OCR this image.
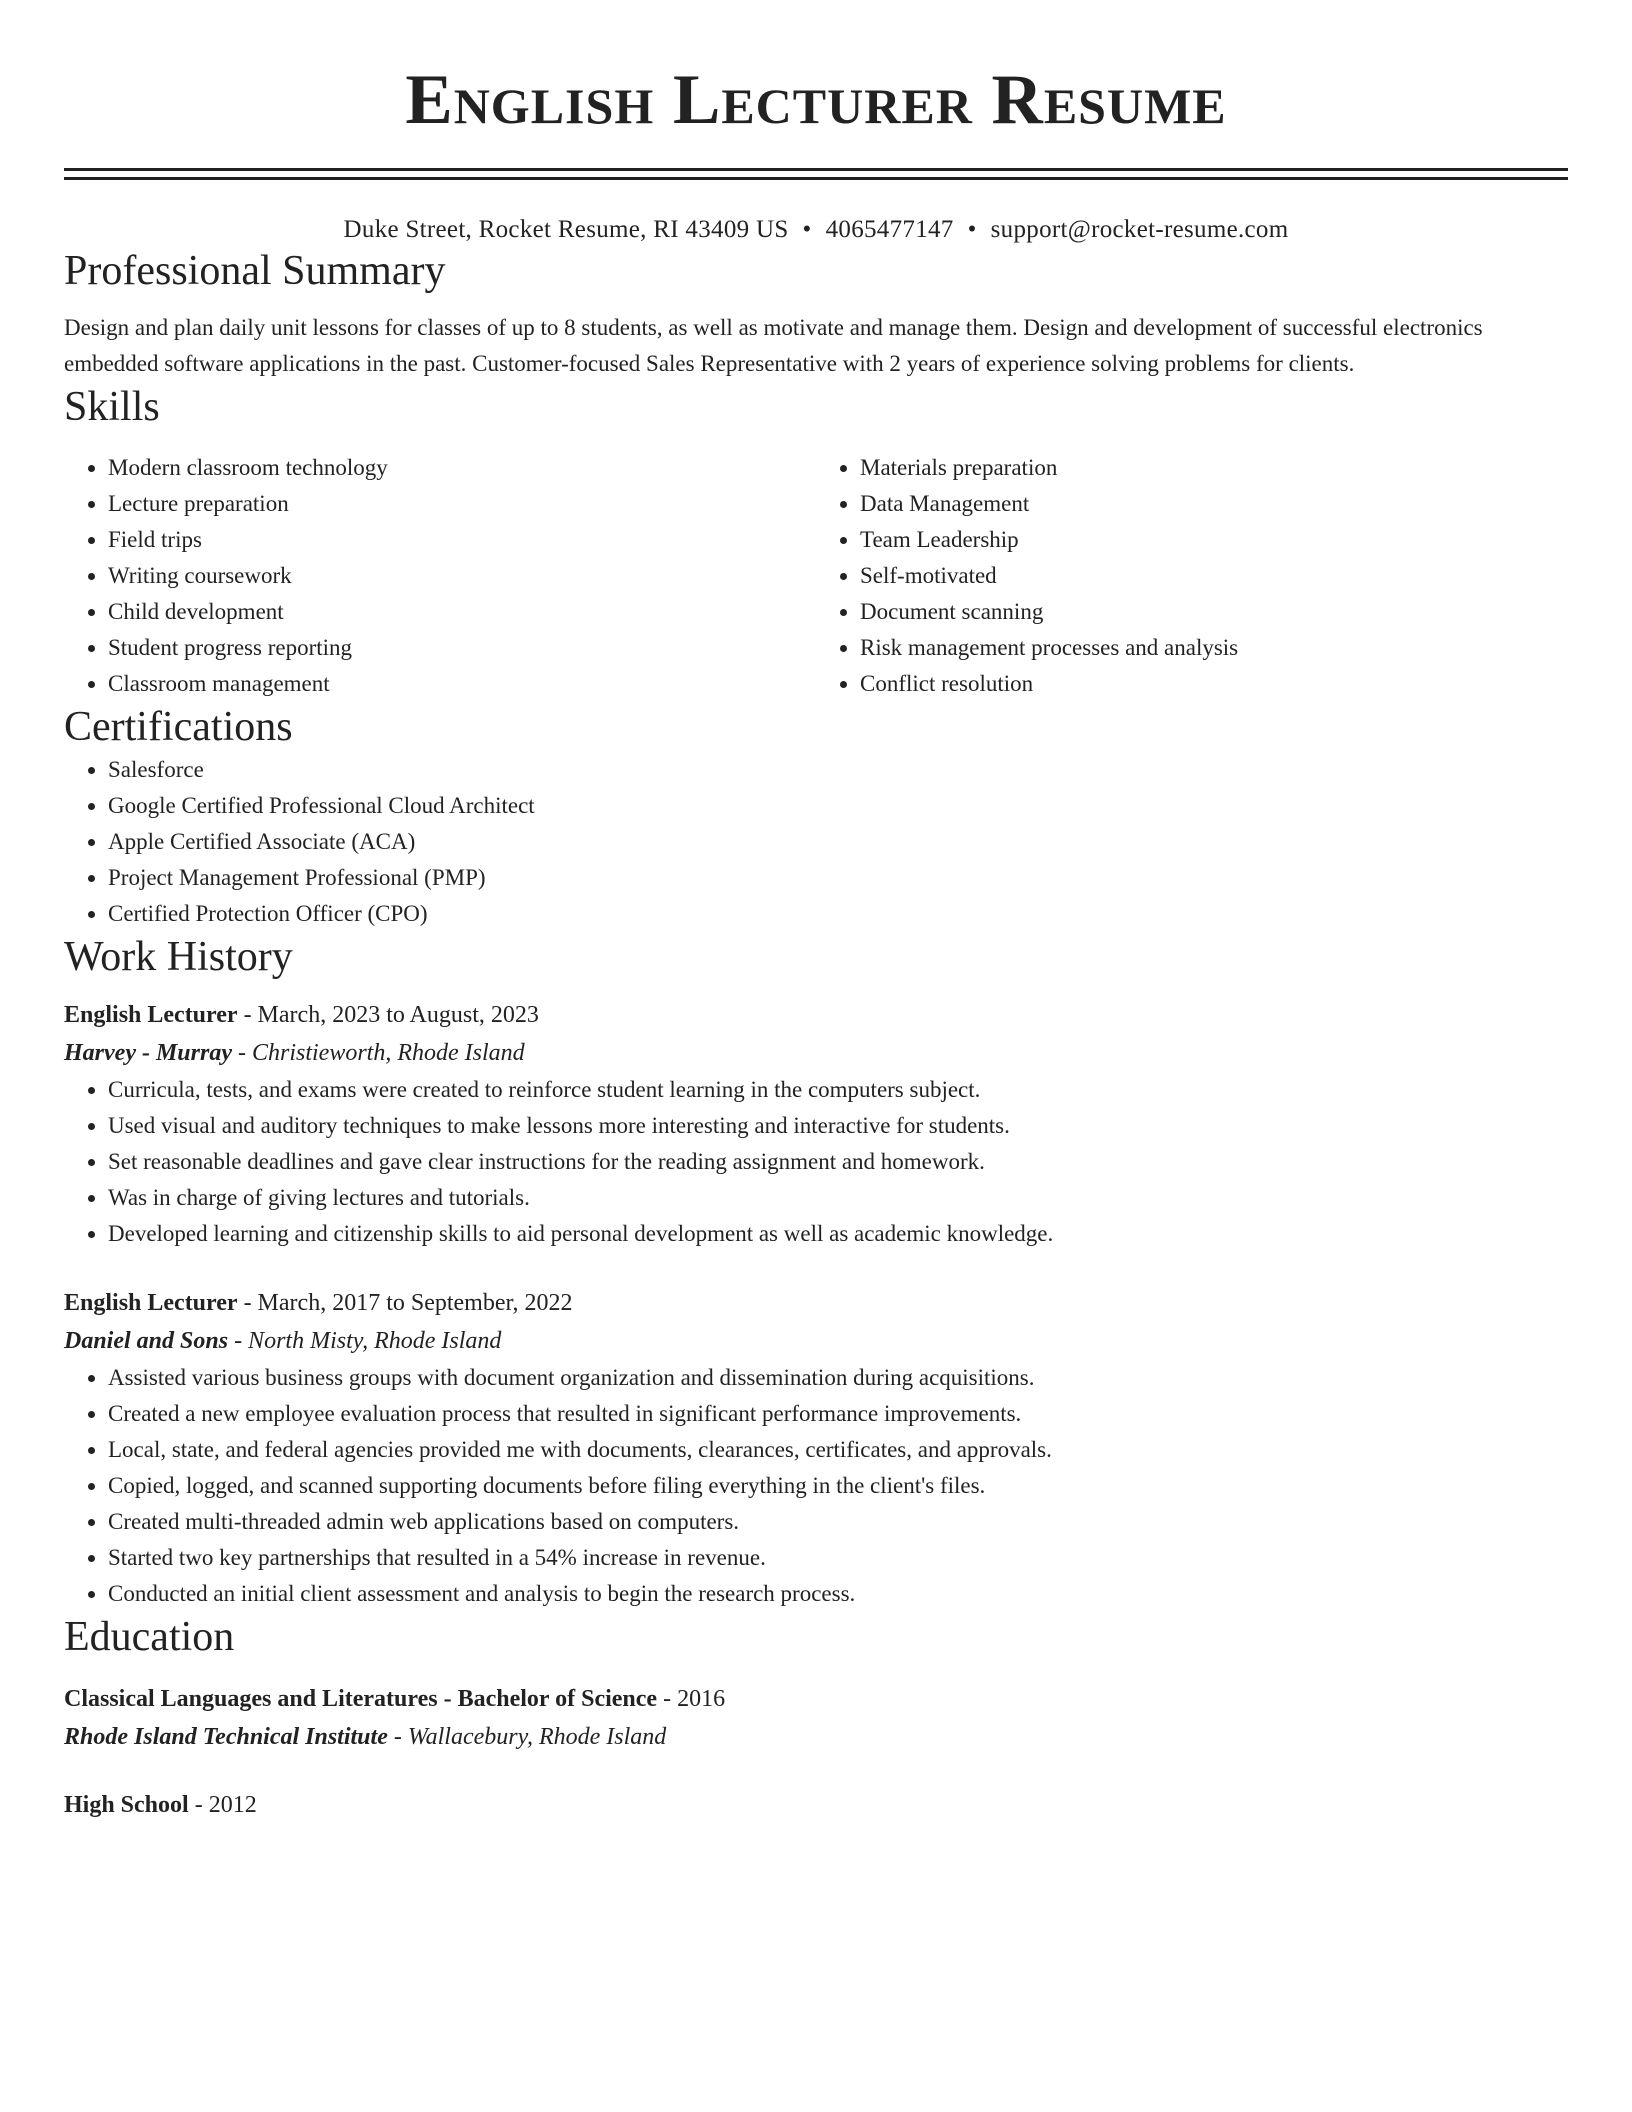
English Lecturer Resume
Duke Street, Rocket Resume, RI 43409 US • 4065477147 • support@rocket-resume.com
Professional Summary
Design and plan daily unit lessons for classes of up to 8 students, as well as motivate and manage them. Design and development of successful electronics embedded software applications in the past. Customer-focused Sales Representative with 2 years of experience solving problems for clients.
Skills
• Modern classroom technology
• Lecture preparation
• Field trips
• Writing coursework
• Child development
• Student progress reporting
• Classroom management
• Materials preparation
• Data Management
• Team Leadership
• Self-motivated
• Document scanning
• Risk management processes and analysis
• Conflict resolution
Certifications
• Salesforce
• Google Certified Professional Cloud Architect
• Apple Certified Associate (ACA)
• Project Management Professional (PMP)
• Certified Protection Officer (CPO)
Work History
English Lecturer - March, 2023 to August, 2023
Harvey - Murray - Christieworth, Rhode Island
• Curricula, tests, and exams were created to reinforce student learning in the computers subject.
• Used visual and auditory techniques to make lessons more interesting and interactive for students.
• Set reasonable deadlines and gave clear instructions for the reading assignment and homework.
• Was in charge of giving lectures and tutorials.
• Developed learning and citizenship skills to aid personal development as well as academic knowledge.
English Lecturer - March, 2017 to September, 2022
Daniel and Sons - North Misty, Rhode Island
• Assisted various business groups with document organization and dissemination during acquisitions.
• Created a new employee evaluation process that resulted in significant performance improvements.
• Local, state, and federal agencies provided me with documents, clearances, certificates, and approvals.
• Copied, logged, and scanned supporting documents before filing everything in the client's files.
• Created multi-threaded admin web applications based on computers.
• Started two key partnerships that resulted in a 54% increase in revenue.
• Conducted an initial client assessment and analysis to begin the research process.
Education
Classical Languages and Literatures - Bachelor of Science - 2016
Rhode Island Technical Institute - Wallacebury, Rhode Island
High School - 2012
